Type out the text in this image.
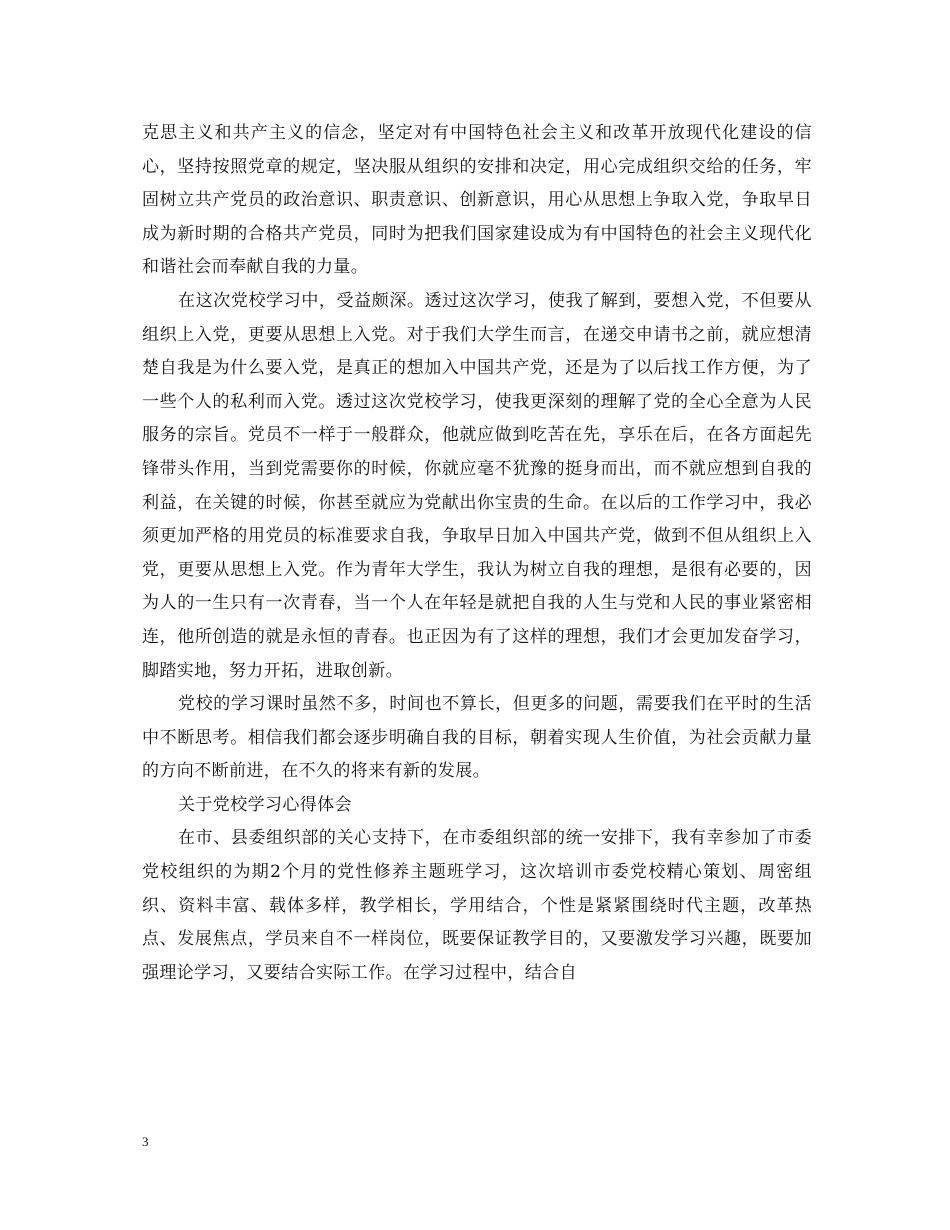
克思主义和共产主义的信念，坚定对有中国特色社会主义和改革开放现代化建设的信心，坚持按照党章的规定，坚决服从组织的安排和决定，用心完成组织交给的任务，牢固树立共产党员的政治意识、职责意识、创新意识，用心从思想上争取入党，争取早日成为新时期的合格共产党员，同时为把我们国家建设成为有中国特色的社会主义现代化和谐社会而奉献自我的力量。

在这次党校学习中，受益颇深。透过这次学习，使我了解到，要想入党，不但要从组织上入党，更要从思想上入党。对于我们大学生而言，在递交申请书之前，就应想清楚自我是为什么要入党，是真正的想加入中国共产党，还是为了以后找工作方便，为了一些个人的私利而入党。透过这次党校学习，使我更深刻的理解了党的全心全意为人民服务的宗旨。党员不一样于一般群众，他就应做到吃苦在先，享乐在后，在各方面起先锋带头作用，当到党需要你的时候，你就应毫不犹豫的挺身而出，而不就应想到自我的利益，在关键的时候，你甚至就应为党献出你宝贵的生命。在以后的工作学习中，我必须更加严格的用党员的标准要求自我，争取早日加入中国共产党，做到不但从组织上入党，更要从思想上入党。作为青年大学生，我认为树立自我的理想，是很有必要的，因为人的一生只有一次青春，当一个人在年轻是就把自我的人生与党和人民的事业紧密相连，他所创造的就是永恒的青春。也正因为有了这样的理想，我们才会更加发奋学习，脚踏实地，努力开拓，进取创新。

党校的学习课时虽然不多，时间也不算长，但更多的问题，需要我们在平时的生活中不断思考。相信我们都会逐步明确自我的目标，朝着实现人生价值，为社会贡献力量的方向不断前进，在不久的将来有新的发展。

关于党校学习心得体会

在市、县委组织部的关心支持下，在市委组织部的统一安排下，我有幸参加了市委党校组织的为期2个月的党性修养主题班学习，这次培训市委党校精心策划、周密组织、资料丰富、载体多样，教学相长，学用结合，个性是紧紧围绕时代主题，改革热点、发展焦点，学员来自不一样岗位，既要保证教学目的，又要激发学习兴趣，既要加强理论学习，又要结合实际工作。在学习过程中，结合自

3
